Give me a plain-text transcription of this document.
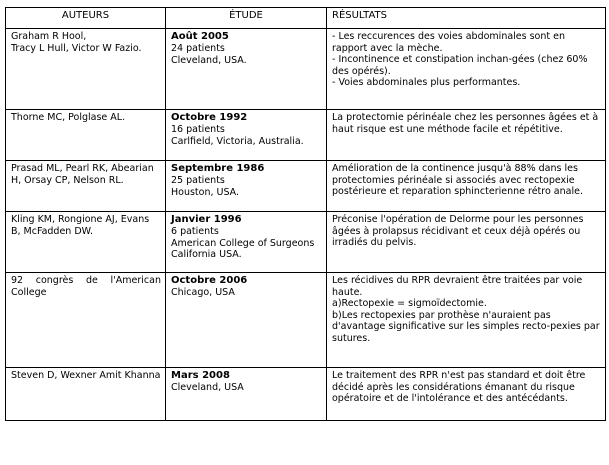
AUTEURS	ÉTUDE	RÉSULTATS

Graham R Hool,
Tracy L Hull, Victor W Fazio.	Août 2005
24 patients
Cleveland, USA.	- Les reccurences des voies abdominales sont en rapport avec la mèche.
- Incontinence et constipation inchan-gées (chez 60% des opérés).
- Voies abdominales plus performantes.

Thorne MC, Polglase AL.	Octobre 1992
16 patients
Carlfield, Victoria, Australia.	La protectomie périnéale chez les personnes âgées et à haut risque est une méthode facile et répétitive.

Prasad ML, Pearl RK, Abearian H, Orsay CP, Nelson RL.	Septembre 1986
25 patients
Houston, USA.	Amélioration de la continence jusqu'à 88% dans les protectomies périnéale si associés avec rectopexie postérieure et reparation sphincterienne rétro anale.

Kling KM, Rongione AJ, Evans B, McFadden DW.	Janvier 1996
6 patients
American College of Surgeons California USA.	Préconise l'opération de Delorme pour les personnes âgées à prolapsus récidivant et ceux déjà opérés ou irradiés du pelvis.

92 congrès de l'American College	Octobre 2006
Chicago, USA	Les récidives du RPR devraient être traitées par voie haute.
a)Rectopexie = sigmoïdectomie.
b)Les rectopexies par prothèse n'auraient pas d'avantage significative sur les simples recto-pexies par sutures.

Steven D, Wexner Amit Khanna	Mars 2008
Cleveland, USA	Le traitement des RPR n'est pas standard et doit être décidé après les considérations émanant du risque opératoire et de l'intolérance et des antécédants.
